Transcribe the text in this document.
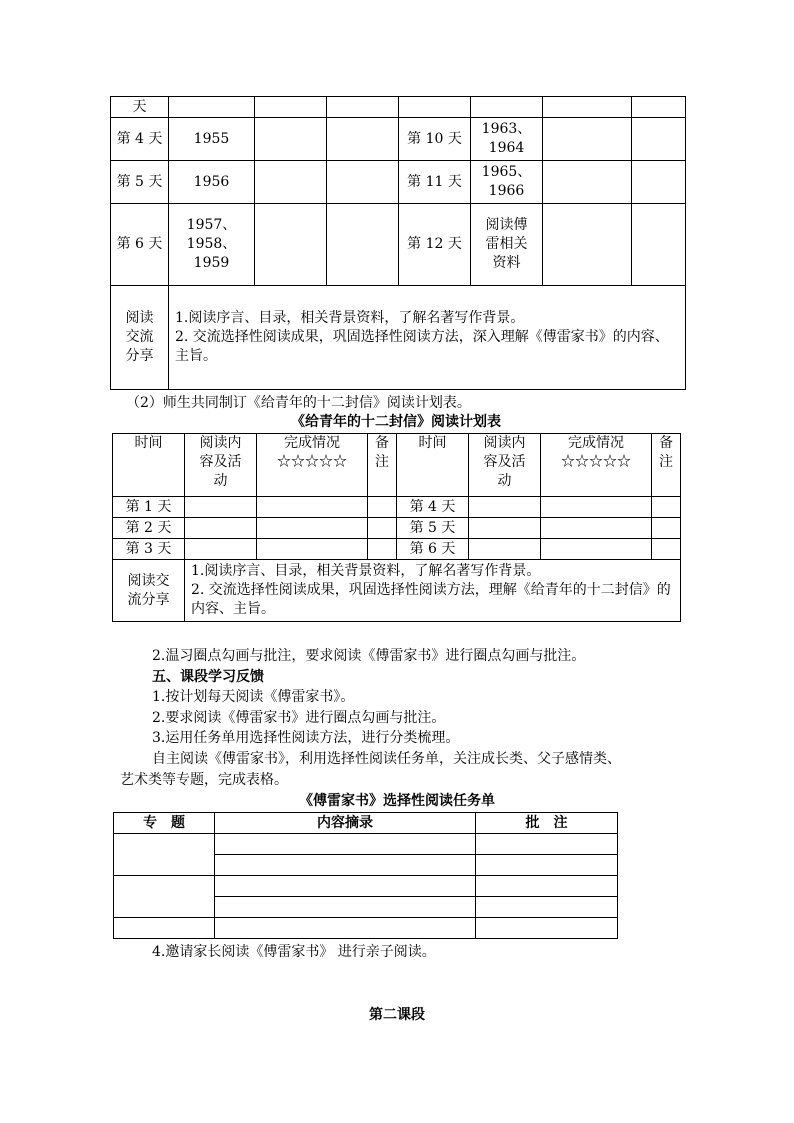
天							
第 4 天	1955			第 10 天	1963、1964		
第 5 天	1956			第 11 天	1965、1966		
第 6 天	1957、1958、1959			第 12 天	阅读傅雷相关资料		
阅读交流分享	1.阅读序言、目录，相关背景资料，了解名著写作背景。
2. 交流选择性阅读成果，巩固选择性阅读方法，深入理解《傅雷家书》的内容、主旨。						
（2）师生共同制订《给青年的十二封信》阅读计划表。
《给青年的十二封信》阅读计划表
时间	阅读内容及活动	完成情况☆☆☆☆☆	备注	时间	阅读内容及活动	完成情况☆☆☆☆☆	备注
第 1 天				第 4 天			
第 2 天				第 5 天			
第 3 天				第 6 天			
阅读交流分享	1.阅读序言、目录，相关背景资料，了解名著写作背景。
2. 交流选择性阅读成果，巩固选择性阅读方法，理解《给青年的十二封信》的内容、主旨。						
2.温习圈点勾画与批注，要求阅读《傅雷家书》进行圈点勾画与批注。
五、课段学习反馈
1.按计划每天阅读《傅雷家书》。
2.要求阅读《傅雷家书》进行圈点勾画与批注。
3.运用任务单用选择性阅读方法，进行分类梳理。
自主阅读《傅雷家书》，利用选择性阅读任务单，关注成长类、父子感情类、
艺术类等专题，完成表格。
《傅雷家书》选择性阅读任务单
专　题	内容摘录	批　注

4.邀请家长阅读《傅雷家书》 进行亲子阅读。
第二课段
